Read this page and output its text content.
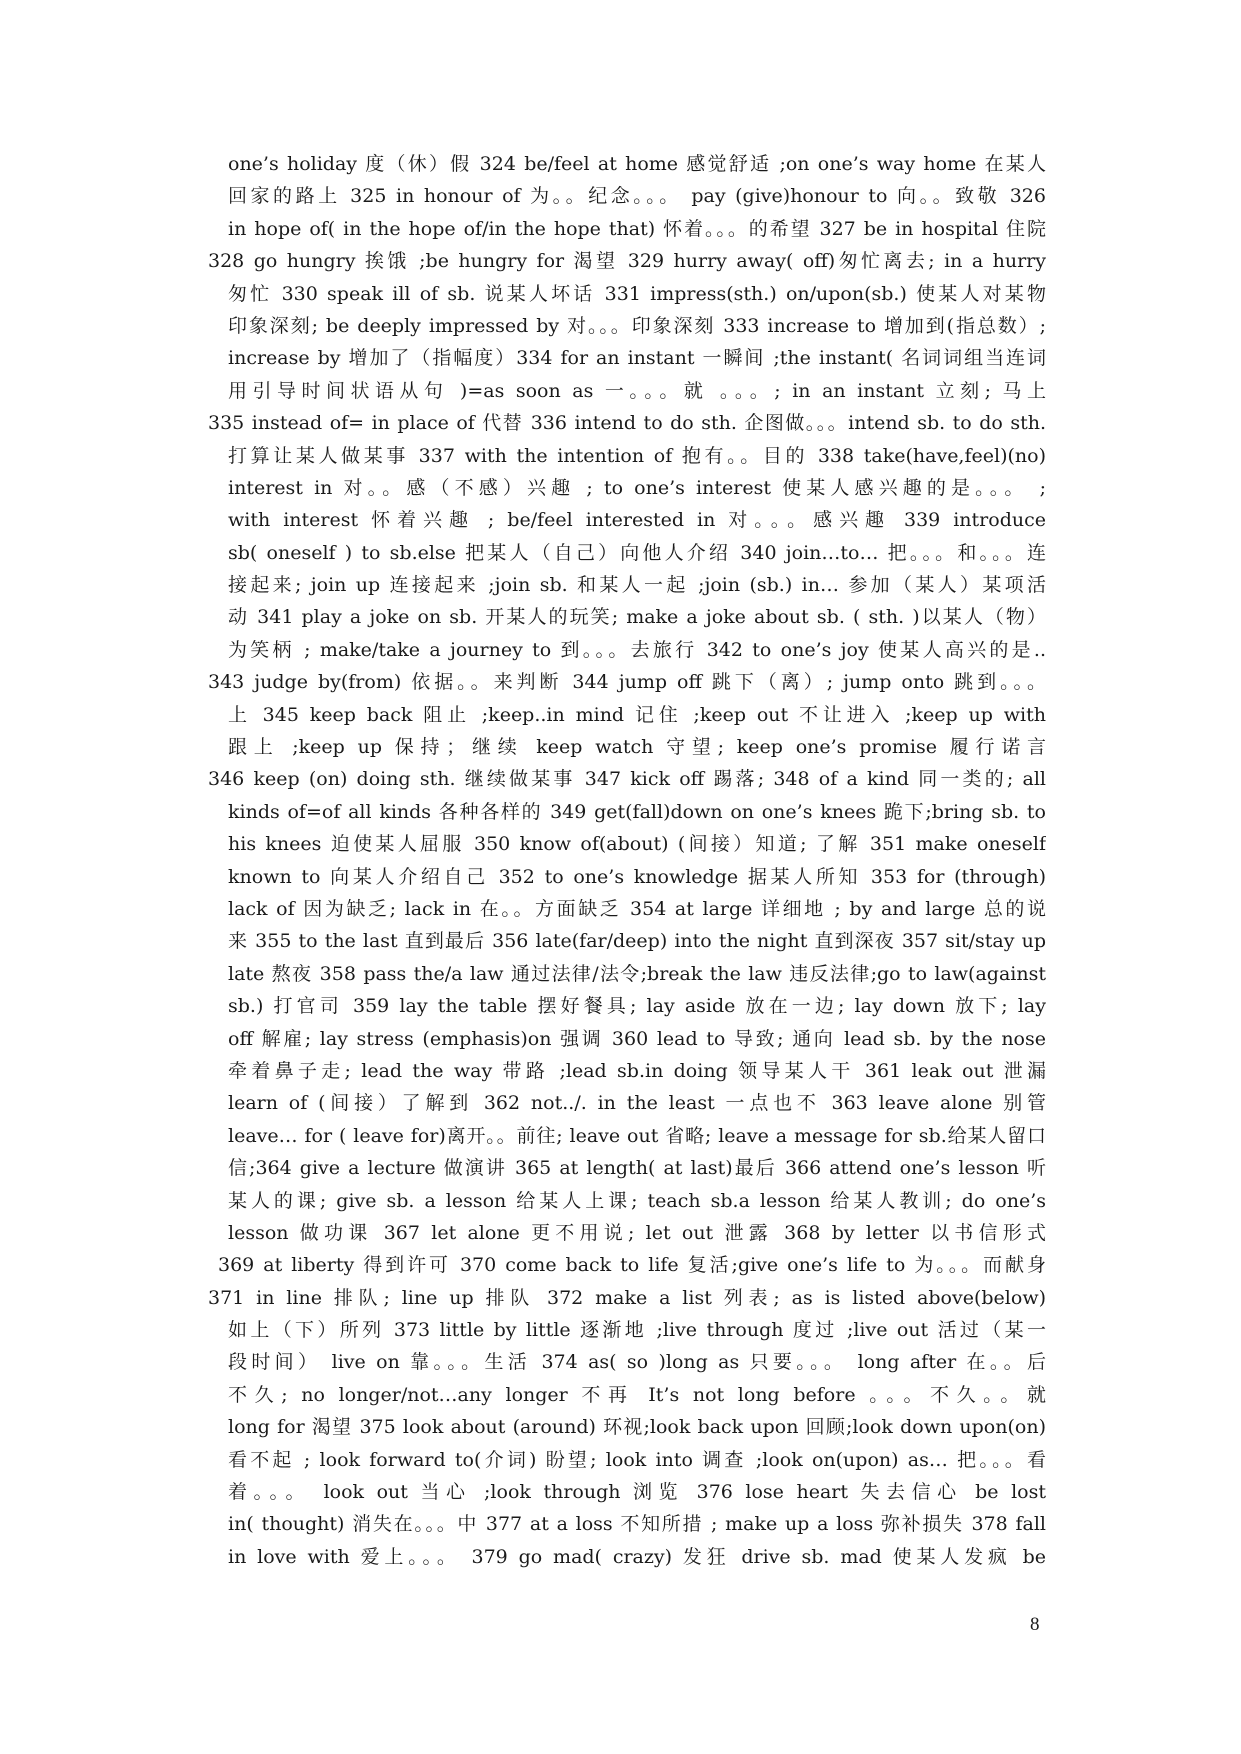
one’s holiday 度（休）假 324 be/feel at home 感觉舒适 ;on one’s way home 在某人
回家的路上 325 in honour of 为。。纪念。。。 pay (give)honour to 向。。致敬 326
in hope of( in the hope of/in the hope that) 怀着。。。的希望 327 be in hospital 住院
328 go hungry 挨饿 ;be hungry for 渴望 329 hurry away( off)匆忙离去; in a hurry
匆忙 330 speak ill of sb. 说某人坏话 331 impress(sth.) on/upon(sb.) 使某人对某物
印象深刻; be deeply impressed by 对。。。印象深刻 333 increase to 增加到(指总数）;
increase by 增加了（指幅度）334 for an instant 一瞬间 ;the instant( 名词词组当连词
用引导时间状语从句 )=as soon as 一。。。就 。。。; in an instant 立刻; 马上
335 instead of= in place of 代替 336 intend to do sth. 企图做。。。intend sb. to do sth.
打算让某人做某事 337 with the intention of 抱有。。目的 338 take(have,feel)(no)
interest in 对。。感（不感）兴趣 ; to one’s interest 使某人感兴趣的是。。。 ;
with interest 怀着兴趣 ; be/feel interested in 对。。。感兴趣 339 introduce
sb( oneself ) to sb.else 把某人（自己）向他人介绍 340 join…to… 把。。。和。。。连
接起来; join up 连接起来 ;join sb. 和某人一起 ;join (sb.) in… 参加（某人）某项活
动 341 play a joke on sb. 开某人的玩笑; make a joke about sb. ( sth. )以某人（物）
为笑柄 ; make/take a journey to 到。。。去旅行 342 to one’s joy 使某人高兴的是..
343 judge by(from) 依据。。来判断 344 jump off 跳下（离）; jump onto 跳到。。。
上 345 keep back 阻止 ;keep..in mind 记住 ;keep out 不让进入 ;keep up with
跟上 ;keep up 保持；继续 keep watch 守望; keep one’s promise 履行诺言
346 keep (on) doing sth. 继续做某事 347 kick off 踢落; 348 of a kind 同一类的; all
kinds of=of all kinds 各种各样的 349 get(fall)down on one’s knees 跪下;bring sb. to
his knees 迫使某人屈服 350 know of(about) (间接）知道; 了解 351 make oneself
known to 向某人介绍自己 352 to one’s knowledge 据某人所知 353 for (through)
lack of 因为缺乏; lack in 在。。方面缺乏 354 at large 详细地 ; by and large 总的说
来 355 to the last 直到最后 356 late(far/deep) into the night 直到深夜 357 sit/stay up
late 熬夜 358 pass the/a law 通过法律/法令;break the law 违反法律;go to law(against
sb.) 打官司 359 lay the table 摆好餐具; lay aside 放在一边; lay down 放下; lay
off 解雇; lay stress (emphasis)on 强调 360 lead to 导致; 通向 lead sb. by the nose
牵着鼻子走; lead the way 带路 ;lead sb.in doing 领导某人干 361 leak out 泄漏
learn of (间接）了解到 362 not../. in the least 一点也不 363 leave alone 别管
leave… for ( leave for)离开。。前往; leave out 省略; leave a message for sb.给某人留口
信;364 give a lecture 做演讲 365 at length( at last)最后 366 attend one’s lesson 听
某人的课; give sb. a lesson 给某人上课; teach sb.a lesson 给某人教训; do one’s
lesson 做功课 367 let alone 更不用说; let out 泄露 368 by letter 以书信形式
369 at liberty 得到许可 370 come back to life 复活;give one’s life to 为。。。而献身
371 in line 排队; line up 排队 372 make a list 列表; as is listed above(below)
如上（下）所列 373 little by little 逐渐地 ;live through 度过 ;live out 活过（某一
段时间） live on 靠。。。生活 374 as( so )long as 只要。。。 long after 在。。后
不久; no longer/not…any longer 不再 It’s not long before 。。。不久。。就
long for 渴望 375 look about (around) 环视;look back upon 回顾;look down upon(on)
看不起 ; look forward to(介词) 盼望; look into 调查 ;look on(upon) as… 把。。。看
着。。。 look out 当心 ;look through 浏览 376 lose heart 失去信心 be lost
in( thought) 消失在。。。中 377 at a loss 不知所措 ; make up a loss 弥补损失 378 fall
in love with 爱上。。。 379 go mad( crazy) 发狂 drive sb. mad 使某人发疯 be
8
